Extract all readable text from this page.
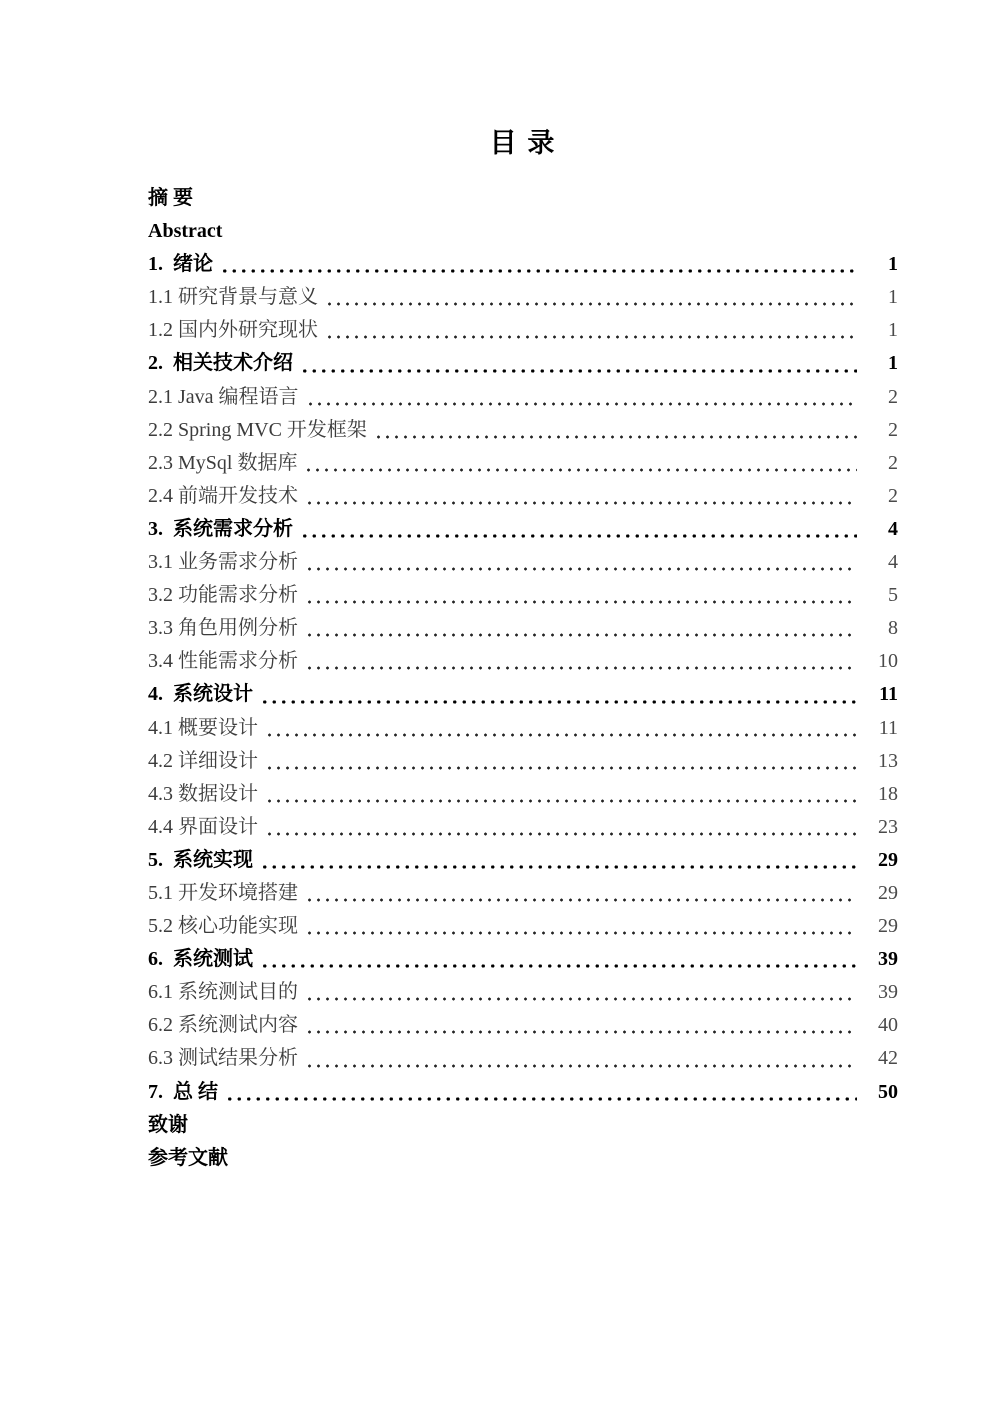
目 录
摘 要
Abstract
1.  绪论	1
1.1 研究背景与意义	1
1.2 国内外研究现状	1
2.  相关技术介绍	1
2.1 Java 编程语言	2
2.2 Spring MVC 开发框架	2
2.3 MySql 数据库	2
2.4 前端开发技术	2
3.  系统需求分析	4
3.1 业务需求分析	4
3.2 功能需求分析	5
3.3 角色用例分析	8
3.4 性能需求分析	10
4.  系统设计	11
4.1 概要设计	11
4.2 详细设计	13
4.3 数据设计	18
4.4 界面设计	23
5.  系统实现	29
5.1 开发环境搭建	29
5.2 核心功能实现	29
6.  系统测试	39
6.1 系统测试目的	39
6.2 系统测试内容	40
6.3 测试结果分析	42
7.  总 结	50
致谢
参考文献
